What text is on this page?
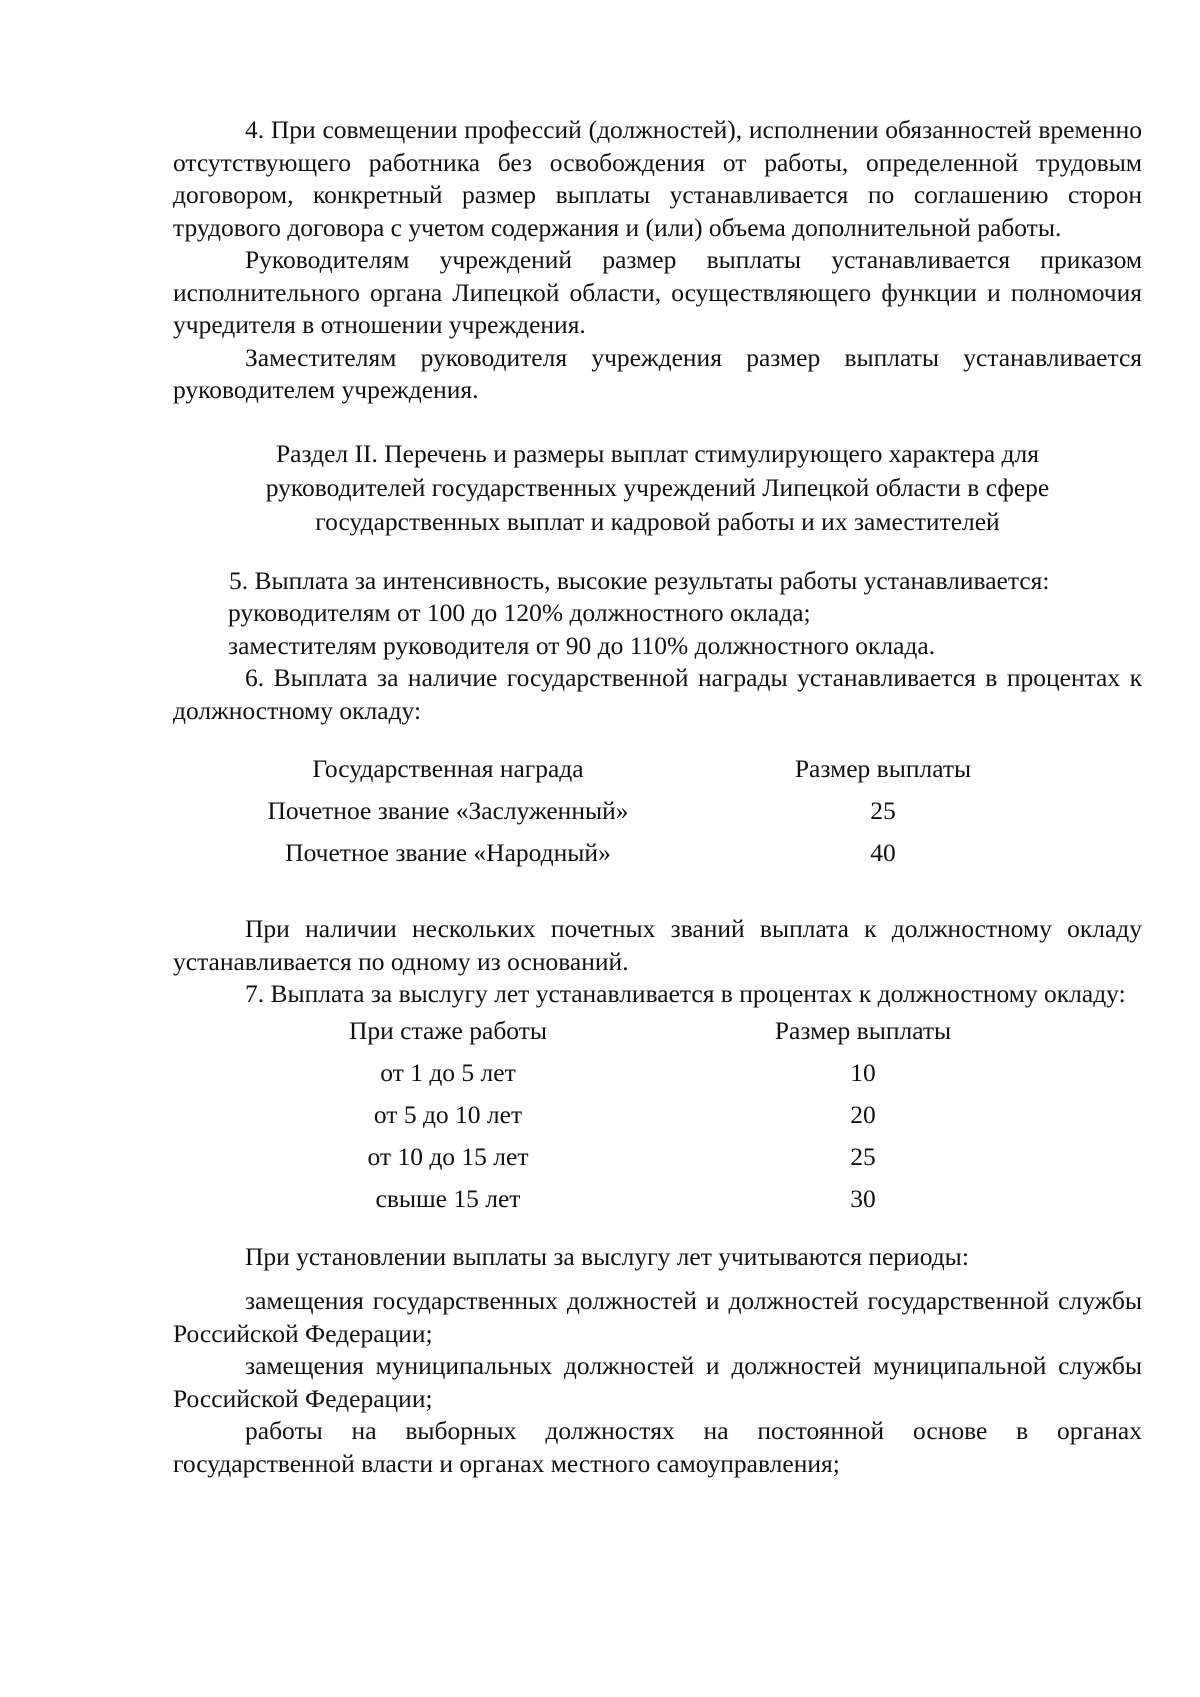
4. При совмещении профессий (должностей), исполнении обязанностей временно отсутствующего работника без освобождения от работы, определенной трудовым договором, конкретный размер выплаты устанавливается по соглашению сторон трудового договора с учетом содержания и (или) объема дополнительной работы.

Руководителям учреждений размер выплаты устанавливается приказом исполнительного органа Липецкой области, осуществляющего функции и полномочия учредителя в отношении учреждения.

Заместителям руководителя учреждения размер выплаты устанавливается руководителем учреждения.

Раздел II. Перечень и размеры выплат стимулирующего характера для
руководителей государственных учреждений Липецкой области в сфере
государственных выплат и кадровой работы и их заместителей

5. Выплата за интенсивность, высокие результаты работы устанавливается:

руководителям от 100 до 120% должностного оклада;

заместителям руководителя от 90 до 110% должностного оклада.

6. Выплата за наличие государственной награды устанавливается в процентах к должностному окладу:

Государственная награда	Размер выплаты
Почетное звание «Заслуженный»	25
Почетное звание «Народный»	40

При наличии нескольких почетных званий выплата к должностному окладу устанавливается по одному из оснований.

7. Выплата за выслугу лет устанавливается в процентах к должностному окладу:

При стаже работы	Размер выплаты
от 1 до 5 лет	10
от 5 до 10 лет	20
от 10 до 15 лет	25
свыше 15 лет	30

При установлении выплаты за выслугу лет учитываются периоды:

замещения государственных должностей и должностей государственной службы Российской Федерации;

замещения муниципальных должностей и должностей муниципальной службы Российской Федерации;

работы на выборных должностях на постоянной основе в органах государственной власти и органах местного самоуправления;
